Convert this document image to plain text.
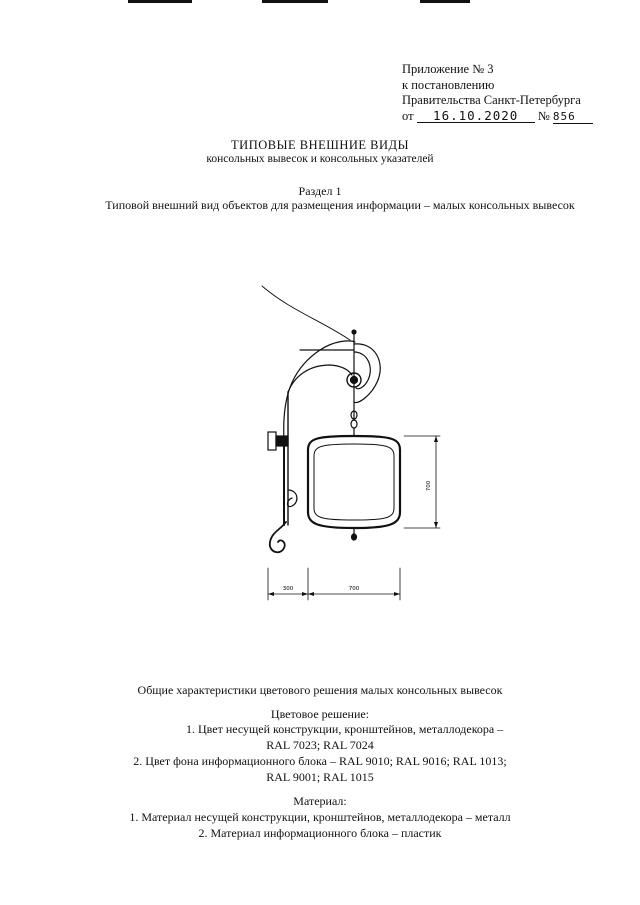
Приложение № 3
к постановлению
Правительства Санкт-Петербурга
от 16.10.2020 № 856
ТИПОВЫЕ ВНЕШНИЕ ВИДЫ
консольных вывесок и консольных указателей
Раздел 1
Типовой внешний вид объектов для размещения информации – малых консольных вывесок
700
300	700
Общие характеристики цветового решения малых консольных вывесок
Цветовое решение:
1. Цвет несущей конструкции, кронштейнов, металлодекора –
RAL 7023; RAL 7024
2. Цвет фона информационного блока – RAL 9010; RAL 9016; RAL 1013;
RAL 9001; RAL 1015
Материал:
1. Материал несущей конструкции, кронштейнов, металлодекора – металл
2. Материал информационного блока – пластик
